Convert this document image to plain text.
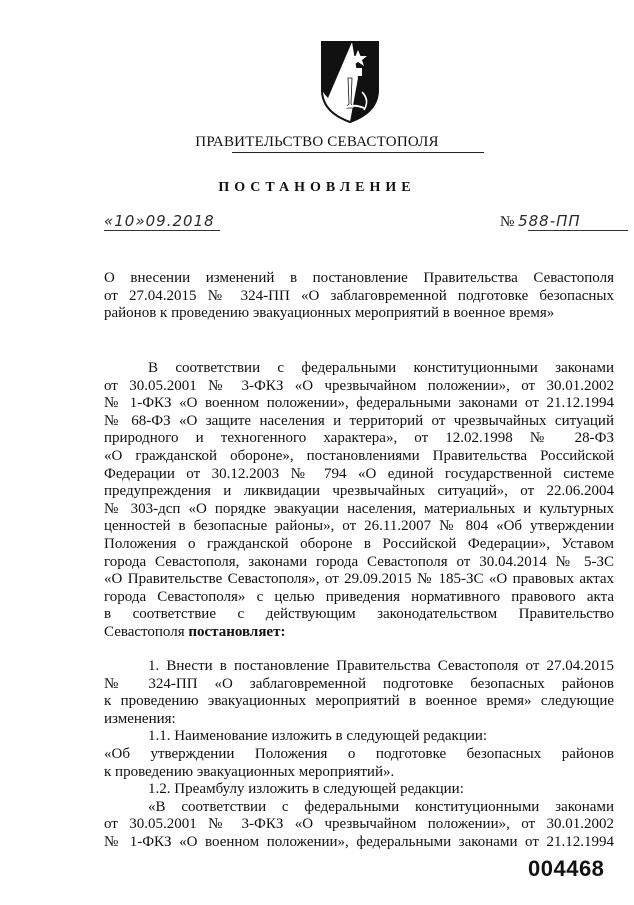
ПРАВИТЕЛЬСТВО СЕВАСТОПОЛЯ
ПОСТАНОВЛЕНИЕ
«10»09.2018	№ 588-ПП
О внесении изменений в постановление Правительства Севастополя
от 27.04.2015 № 324-ПП «О заблаговременной подготовке безопасных
районов к проведению эвакуационных мероприятий в военное время»
В соответствии с федеральными конституционными законами
от 30.05.2001 № 3-ФКЗ «О чрезвычайном положении», от 30.01.2002
№ 1-ФКЗ «О военном положении», федеральными законами от 21.12.1994
№ 68-ФЗ «О защите населения и территорий от чрезвычайных ситуаций
природного и техногенного характера», от 12.02.1998 № 28-ФЗ
«О гражданской обороне», постановлениями Правительства Российской
Федерации от 30.12.2003 № 794 «О единой государственной системе
предупреждения и ликвидации чрезвычайных ситуаций», от 22.06.2004
№ 303-дсп «О порядке эвакуации населения, материальных и культурных
ценностей в безопасные районы», от 26.11.2007 № 804 «Об утверждении
Положения о гражданской обороне в Российской Федерации», Уставом
города Севастополя, законами города Севастополя от 30.04.2014 № 5-ЗС
«О Правительстве Севастополя», от 29.09.2015 № 185-ЗС «О правовых актах
города Севастополя» с целью приведения нормативного правового акта
в соответствие с действующим законодательством Правительство
Севастополя постановляет:
1. Внести в постановление Правительства Севастополя от 27.04.2015
№ 324-ПП «О заблаговременной подготовке безопасных районов
к проведению эвакуационных мероприятий в военное время» следующие
изменения:
1.1. Наименование изложить в следующей редакции:
«Об утверждении Положения о подготовке безопасных районов
к проведению эвакуационных мероприятий».
1.2. Преамбулу изложить в следующей редакции:
«В соответствии с федеральными конституционными законами
от 30.05.2001 № 3-ФКЗ «О чрезвычайном положении», от 30.01.2002
№ 1-ФКЗ «О военном положении», федеральными законами от 21.12.1994
004468
